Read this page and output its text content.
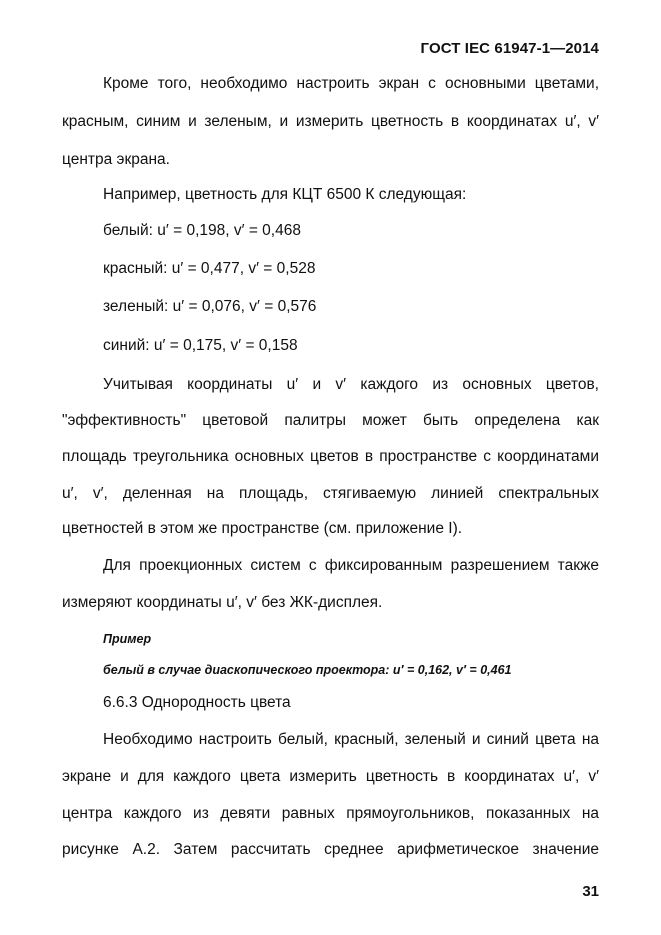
ГОСТ IEC 61947-1—2014
Кроме того, необходимо настроить экран с основными цветами,
красным, синим и зеленым, и измерить цветность в координатах u′, v′
центра экрана.
Например, цветность для КЦТ 6500 К следующая:
белый: u′ = 0,198, v′ = 0,468
красный: u′ = 0,477, v′ = 0,528
зеленый: u′ = 0,076, v′ = 0,576
синий: u′ = 0,175, v′ = 0,158
Учитывая координаты u′ и v′ каждого из основных цветов,
"эффективность" цветовой палитры может быть определена как
площадь треугольника основных цветов в пространстве с координатами
u′, v′, деленная на площадь, стягиваемую линией спектральных
цветностей в этом же пространстве (см. приложение I).
Для проекционных систем с фиксированным разрешением также
измеряют координаты u′, v′ без ЖК-дисплея.
Пример
белый в случае диаскопического проектора: u′ = 0,162, v′ = 0,461
6.6.3 Однородность цвета
Необходимо настроить белый, красный, зеленый и синий цвета на
экране и для каждого цвета измерить цветность в координатах u′, v′
центра каждого из девяти равных прямоугольников, показанных на
рисунке А.2. Затем рассчитать среднее арифметическое значение
31
